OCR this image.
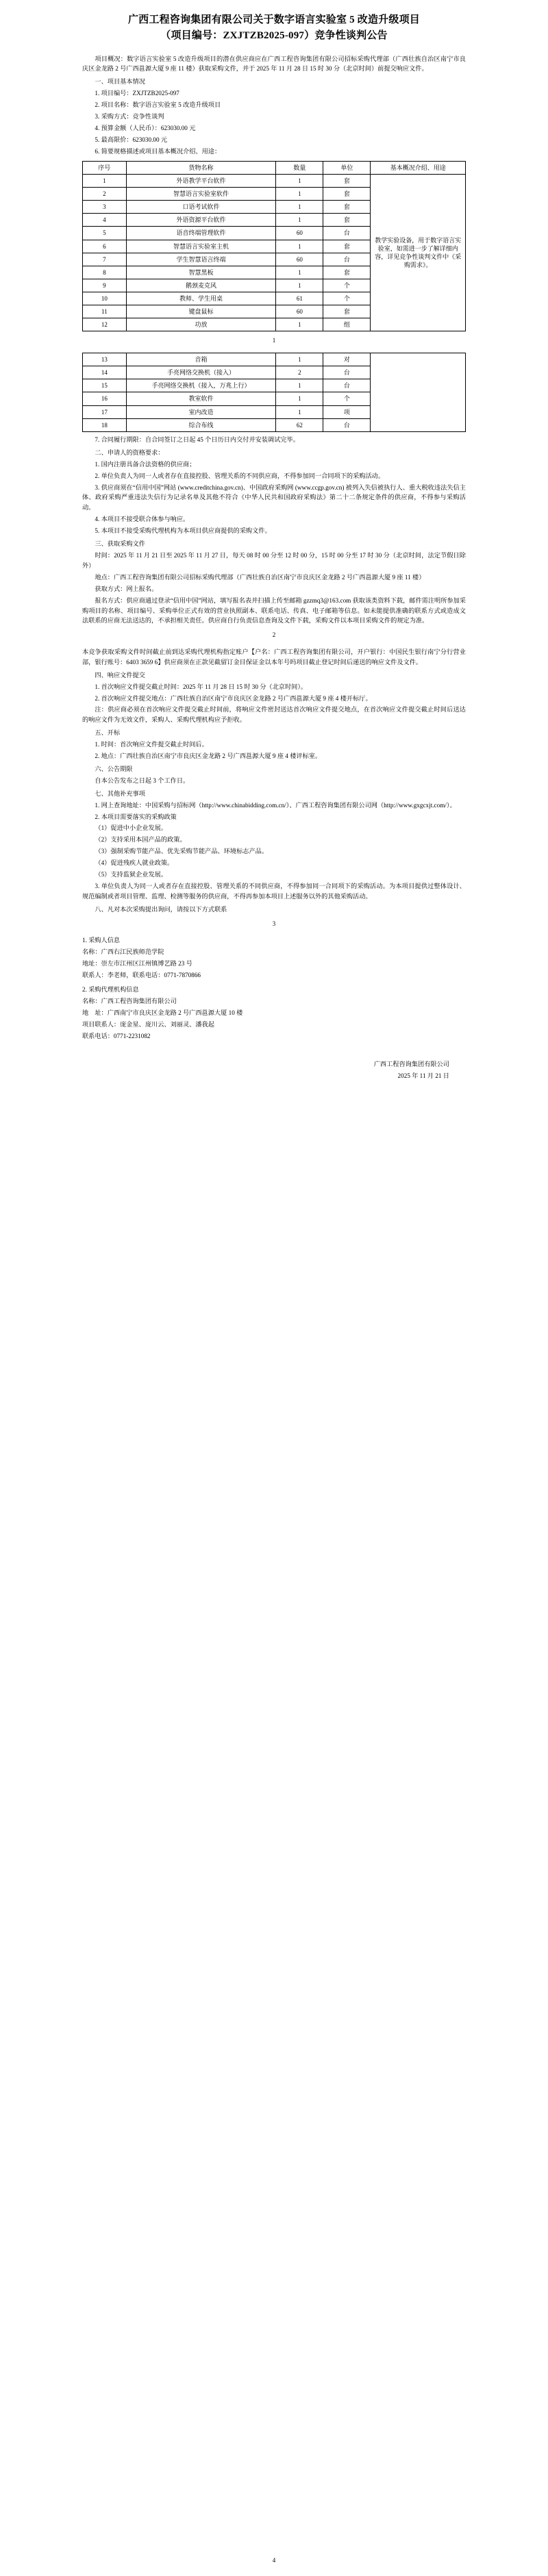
广西工程咨询集团有限公司关于数字语言实验室 5 改造升级项目
（项目编号：ZXJTZB2025-097）竞争性谈判公告

项目概况：数字语言实验室 5 改造升级项目的潜在供应商应在广西工程咨询集团有限公司招标采购代理部（广西壮族自治区南宁市良庆区金龙路 2 号广西邕源大厦 9 座 11 楼）获取采购文件，并于 2025 年 11 月 28 日 15 时 30 分（北京时间）前提交响应文件。

一、项目基本情况

1. 项目编号：ZXJTZB2025-097

2. 项目名称：数字语言实验室 5 改造升级项目

3. 采购方式：竞争性谈判

4. 预算金额（人民币）：623030.00 元

5. 最高限价：623030.00 元

6. 简要规格描述或项目基本概况介绍、用途：

序号	货物名称	数量	单位	基本概况介绍、用途
1	外语教学平台软件	1	套	教学实验设备，用于数字语言实验室，如需进一步了解详细内容，详见竞争性谈判文件中《采购需求》。
2	智慧语言实验室软件	1	套	
3	口语考试软件	1	套	
4	外语资源平台软件	1	套	
5	语音终端管理软件	60	台	
6	智慧语言实验室主机	1	套	
7	学生智慧语言终端	60	台	
8	智慧黑板	1	套	
9	鹅颈麦克风	1	个	
10	教师、学生用桌	61	个	
11	键盘鼠标	60	套	
12	功放	1	组	
1
13	音箱	1	对	
14	手亮网络交换机（接入）	2	台	
15	手亮网络交换机（接入，万兆上行）	1	台	
16	教室软件	1	个	
17	室内改造	1	项	
18	综合布线	62	台	

7. 合同履行期限：自合同签订之日起 45 个日历日内交付并安装调试完毕。

二、申请人的资格要求：

1. 国内注册具备合法资格的供应商；

2. 单位负责人为同一人或者存在直接控股、管理关系的不同供应商，不得参加同一合同项下的采购活动。

3. 供应商须在“信用中国”网站 (www.creditchina.gov.cn)、中国政府采购网 (www.ccgp.gov.cn) 被列入失信被执行人、重大税收违法失信主体、政府采购严重违法失信行为记录名单及其他不符合《中华人民共和国政府采购法》第二十二条规定条件的供应商，不得参与采购活动。

4. 本项目不接受联合体参与响应。

5. 本项目不接受采购代理机构为本项目供应商提供的采购文件。

三、获取采购文件

时间：2025 年 11 月 21 日至 2025 年 11 月 27 日，每天 08 时 00 分至 12 时 00 分，15 时 00 分至 17 时 30 分（北京时间，法定节假日除外）

地点：广西工程咨询集团有限公司招标采购代理部（广西壮族自治区南宁市良庆区金龙路 2 号广西邕源大厦 9 座 11 楼）

获取方式：网上报名。

报名方式：供应商通过登录“信用中国”网站，填写报名表并扫描上传至邮箱 gzzmq3@163.com 获取该类资料下载，邮件需注明所参加采购项目的名称、项目编号、采购单位正式有效的营业执照副本、联系电话、传真、电子邮箱等信息。如未能提供准确的联系方式或造成文法联系的应商无法送达的，不承担相关责任。供应商自行负责信息查询及文件下载，采购文件以本项目采购文件的规定为准。

2

本竞争获取采购文件时间截止前到达采购代理机构指定账户【户名：广西工程咨询集团有限公司，开户银行：中国民生银行南宁分行营业部，银行账号：6403 3659 6】供应商须在正款见截留订金目保证金以本年号吗项目截止登记时间后递送的响应文件及文件。

四、响应文件提交

1. 首次响应文件提交截止时间：2025 年 11 月 28 日 15 时 30 分（北京时间）。

2. 首次响应文件提交地点：广西壮族自治区南宁市良庆区金龙路 2 号广西邕源大厦 9 座 4 楼开标厅。

注：供应商必须在首次响应文件提交截止时间前，将响应文件密封送达首次响应文件提交地点，在首次响应文件提交截止时间后送达的响应文件为无效文件，采购人、采购代理机构应予拒收。

五、开标

1. 时间：首次响应文件提交截止时间后。

2. 地点：广西壮族自治区南宁市良庆区金龙路 2 号广西邕源大厦 9 座 4 楼评标室。

六、公告期限

自本公告发布之日起 3 个工作日。

七、其他补充事项

1. 网上查询地址：中国采购与招标网（http://www.chinabidding.com.cn/）、广西工程咨询集团有限公司网（http://www.gxgcxjt.com/）。

2. 本项目需要落实的采购政策

（1）促进中小企业发展。

（2）支持采用本国产品的政策。

（3）强制采购节能产品、优先采购节能产品、环境标志产品。

（4）促进残疾人就业政策。

（5）支持监狱企业发展。

3. 单位负责人为同一人或者存在直接控股、管理关系的不同供应商，不得参加同一合同项下的采购活动。为本项目提供过整体设计、规范编制或者项目管理、监理、检测等服务的供应商，不得再参加本项目上述服务以外的其他采购活动。

八、凡对本次采购提出询问，请按以下方式联系

3

1. 采购人信息

名称：广西右江民族师范学院

地址：崇左市江州区江州镇博艺路 23 号

联系人：李老师，联系电话：0771-7870866

2. 采购代理机构信息

名称：广西工程咨询集团有限公司

地　址：广西南宁市良庆区金龙路 2 号广西邕源大厦 10 楼

项目联系人：庞金星、庞川云、刘丽灵、潘我起

联系电话：0771-2231082

广西工程咨询集团有限公司
2025 年 11 月 21 日
4
